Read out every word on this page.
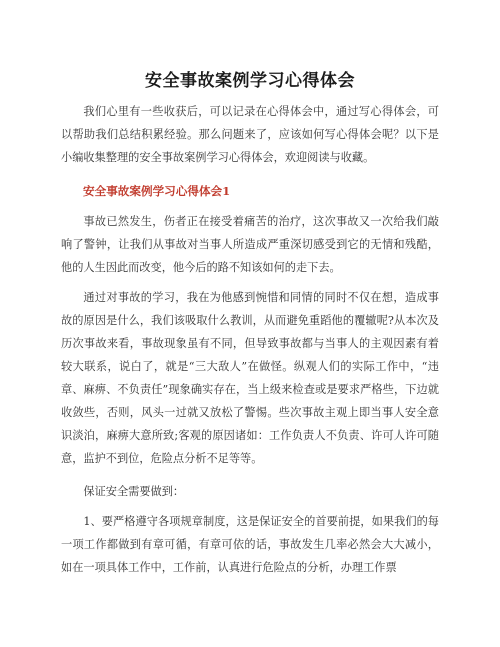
安全事故案例学习心得体会

我们心里有一些收获后，可以记录在心得体会中，通过写心得体会，可以帮助我们总结积累经验。那么问题来了，应该如何写心得体会呢？以下是小编收集整理的安全事故案例学习心得体会，欢迎阅读与收藏。

安全事故案例学习心得体会1

事故已然发生，伤者正在接受着痛苦的治疗，这次事故又一次给我们敲响了警钟，让我们从事故对当事人所造成严重深切感受到它的无情和残酷，他的人生因此而改变，他今后的路不知该如何的走下去。

通过对事故的学习，我在为他感到惋惜和同情的同时不仅在想，造成事故的原因是什么，我们该吸取什么教训，从而避免重蹈他的覆辙呢?从本次及历次事故来看，事故现象虽有不同，但导致事故都与当事人的主观因素有着较大联系，说白了，就是“三大敌人”在做怪。纵观人们的实际工作中，“违章、麻痹、不负责任”现象确实存在，当上级来检查或是要求严格些，下边就收敛些，否则，风头一过就又放松了警惕。些次事故主观上即当事人安全意识淡泊，麻痹大意所致;客观的原因诸如：工作负责人不负责、许可人许可随意，监护不到位，危险点分析不足等等。

保证安全需要做到：

1、要严格遵守各项规章制度，这是保证安全的首要前提，如果我们的每一项工作都做到有章可循，有章可依的话，事故发生几率必然会大大减小，如在一项具体工作中，工作前，认真进行危险点的分析，办理工作票
